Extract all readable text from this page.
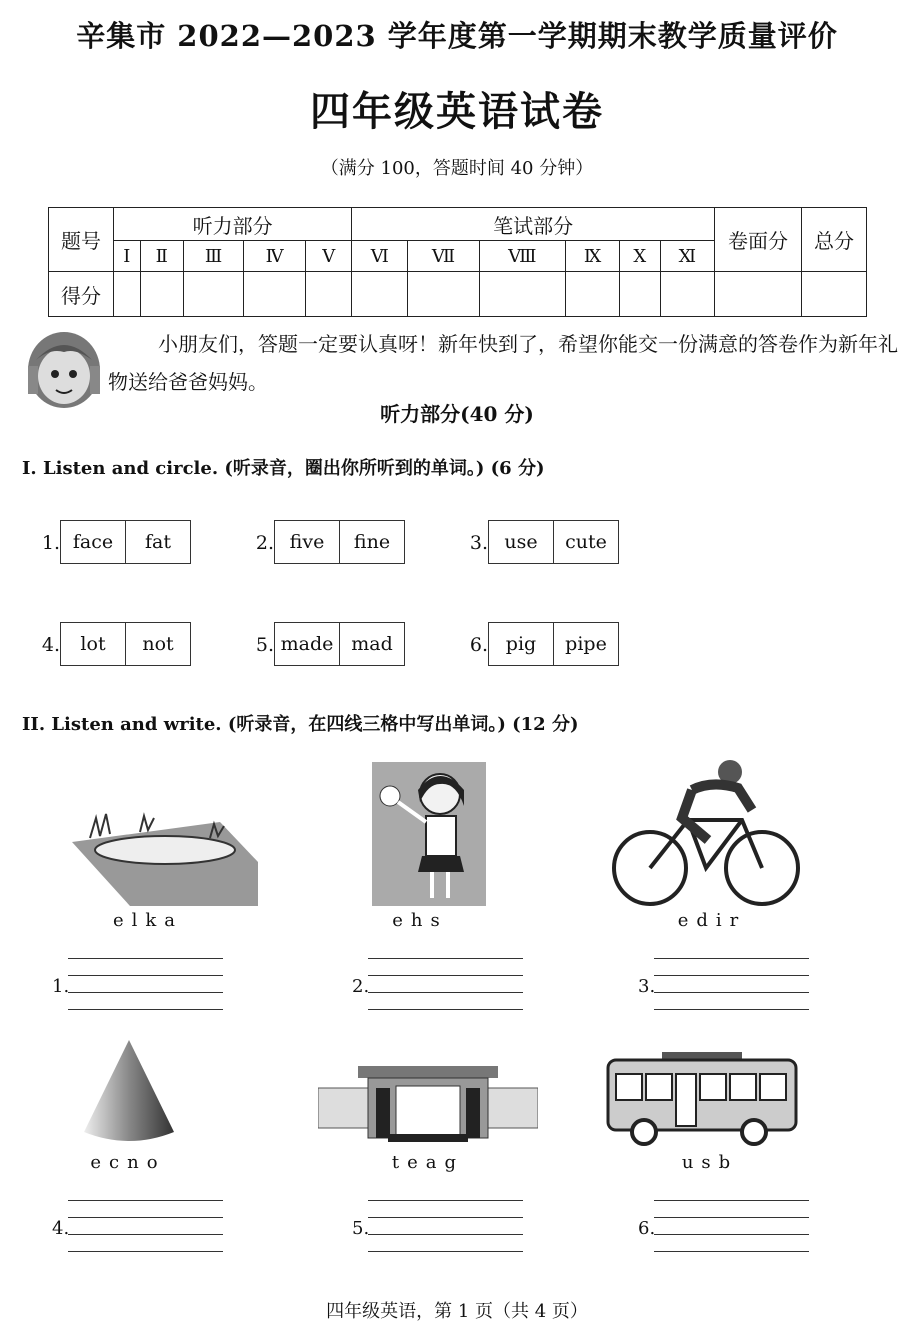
辛集市 2022—2023 学年度第一学期期末教学质量评价
四年级英语试卷
（满分 100，答题时间 40 分钟）
题号	听力部分					笔试部分						卷面分	总分
	Ⅰ	Ⅱ	Ⅲ	Ⅳ	Ⅴ	Ⅵ	Ⅶ	Ⅷ	Ⅸ	Ⅹ	Ⅺ		
得分													
小朋友们，答题一定要认真呀！新年快到了，希望你能交一份满意的答卷作为新年礼物送给爸爸妈妈。
听力部分(40 分)
I. Listen and circle. (听录音，圈出你所听到的单词。) (6 分)
1. face	fat	2. five	fine	3. use	cute
4.	lot	not	5. made mad	6. pig	pipe
II. Listen and write. (听录音，在四线三格中写出单词。) (12 分)
elka	ehs	edir
1.	2.	3.
ecno	teag	usb
4.	5.	6.
四年级英语，第 1 页（共 4 页）
